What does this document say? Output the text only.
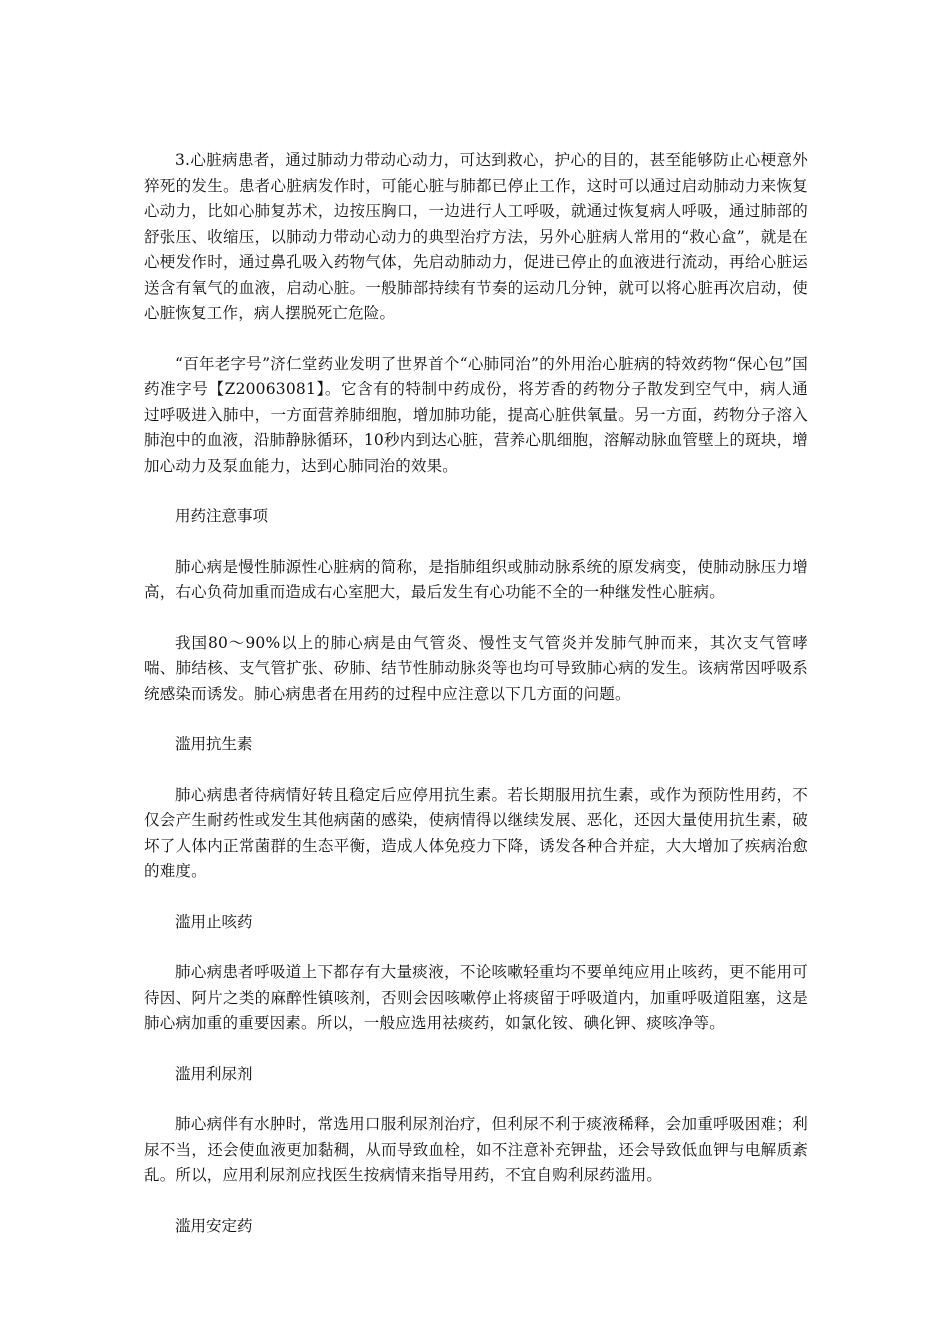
3.心脏病患者，通过肺动力带动心动力，可达到救心，护心的目的，甚至能够防止心梗意外猝死的发生。患者心脏病发作时，可能心脏与肺都已停止工作，这时可以通过启动肺动力来恢复心动力，比如心肺复苏术，边按压胸口，一边进行人工呼吸，就通过恢复病人呼吸，通过肺部的舒张压、收缩压，以肺动力带动心动力的典型治疗方法，另外心脏病人常用的“救心盒”，就是在心梗发作时，通过鼻孔吸入药物气体，先启动肺动力，促进已停止的血液进行流动，再给心脏运送含有氧气的血液，启动心脏。一般肺部持续有节奏的运动几分钟，就可以将心脏再次启动，使心脏恢复工作，病人摆脱死亡危险。

“百年老字号”济仁堂药业发明了世界首个“心肺同治”的外用治心脏病的特效药物“保心包”国药准字号【Z20063081】。它含有的特制中药成份，将芳香的药物分子散发到空气中，病人通过呼吸进入肺中，一方面营养肺细胞，增加肺功能，提高心脏供氧量。另一方面，药物分子溶入肺泡中的血液，沿肺静脉循环，10秒内到达心脏，营养心肌细胞，溶解动脉血管壁上的斑块，增加心动力及泵血能力，达到心肺同治的效果。

用药注意事项

肺心病是慢性肺源性心脏病的简称，是指肺组织或肺动脉系统的原发病变，使肺动脉压力增高，右心负荷加重而造成右心室肥大，最后发生有心功能不全的一种继发性心脏病。

我国80～90%以上的肺心病是由气管炎、慢性支气管炎并发肺气肿而来，其次支气管哮喘、肺结核、支气管扩张、矽肺、结节性肺动脉炎等也均可导致肺心病的发生。该病常因呼吸系统感染而诱发。肺心病患者在用药的过程中应注意以下几方面的问题。

滥用抗生素

肺心病患者待病情好转且稳定后应停用抗生素。若长期服用抗生素，或作为预防性用药，不仅会产生耐药性或发生其他病菌的感染，使病情得以继续发展、恶化，还因大量使用抗生素，破坏了人体内正常菌群的生态平衡，造成人体免疫力下降，诱发各种合并症，大大增加了疾病治愈的难度。

滥用止咳药

肺心病患者呼吸道上下都存有大量痰液，不论咳嗽轻重均不要单纯应用止咳药，更不能用可待因、阿片之类的麻醉性镇咳剂，否则会因咳嗽停止将痰留于呼吸道内，加重呼吸道阻塞，这是肺心病加重的重要因素。所以，一般应选用祛痰药，如氯化铵、碘化钾、痰咳净等。

滥用利尿剂

肺心病伴有水肿时，常选用口服利尿剂治疗，但利尿不利于痰液稀释，会加重呼吸困难；利尿不当，还会使血液更加黏稠，从而导致血栓，如不注意补充钾盐，还会导致低血钾与电解质紊乱。所以，应用利尿剂应找医生按病情来指导用药，不宜自购利尿药滥用。

滥用安定药
